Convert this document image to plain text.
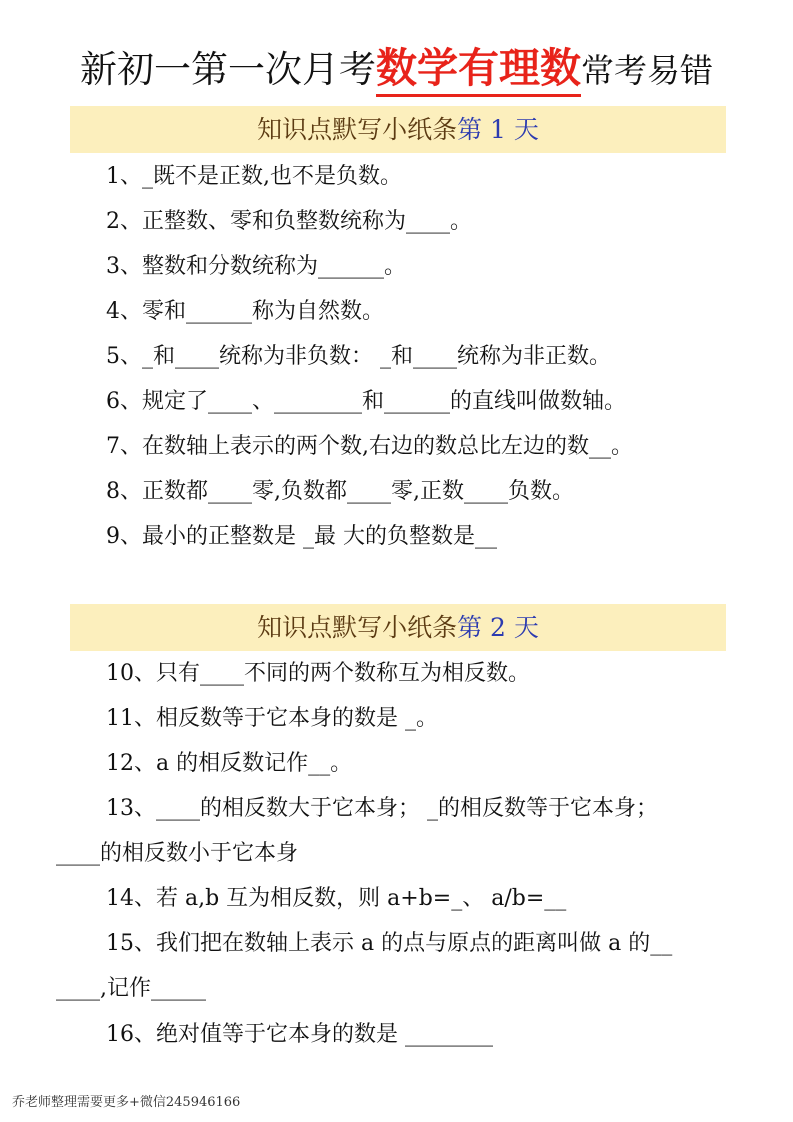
新初一第一次月考数学有理数常考易错
知识点默写小纸条第 1 天
1、_既不是正数,也不是负数。
2、正整数、零和负整数统称为____。
3、整数和分数统称为______。
4、零和______称为自然数。
5、_和____统称为非负数： _和____统称为非正数。
6、规定了____、________和______的直线叫做数轴。
7、在数轴上表示的两个数,右边的数总比左边的数__。
8、正数都____零,负数都____零,正数____负数。
9、最小的正整数是 _最 大的负整数是__
知识点默写小纸条第 2 天
10、只有____不同的两个数称互为相反数。
11、相反数等于它本身的数是 _。
12、a 的相反数记作__。
13、____的相反数大于它本身； _的相反数等于它本身；
____的相反数小于它本身
14、若 a,b 互为相反数，则 a+b=_、 a/b=__
15、我们把在数轴上表示 a 的点与原点的距离叫做 a 的__
____,记作_____
16、绝对值等于它本身的数是 ________
乔老师整理需要更多+微信245946166
